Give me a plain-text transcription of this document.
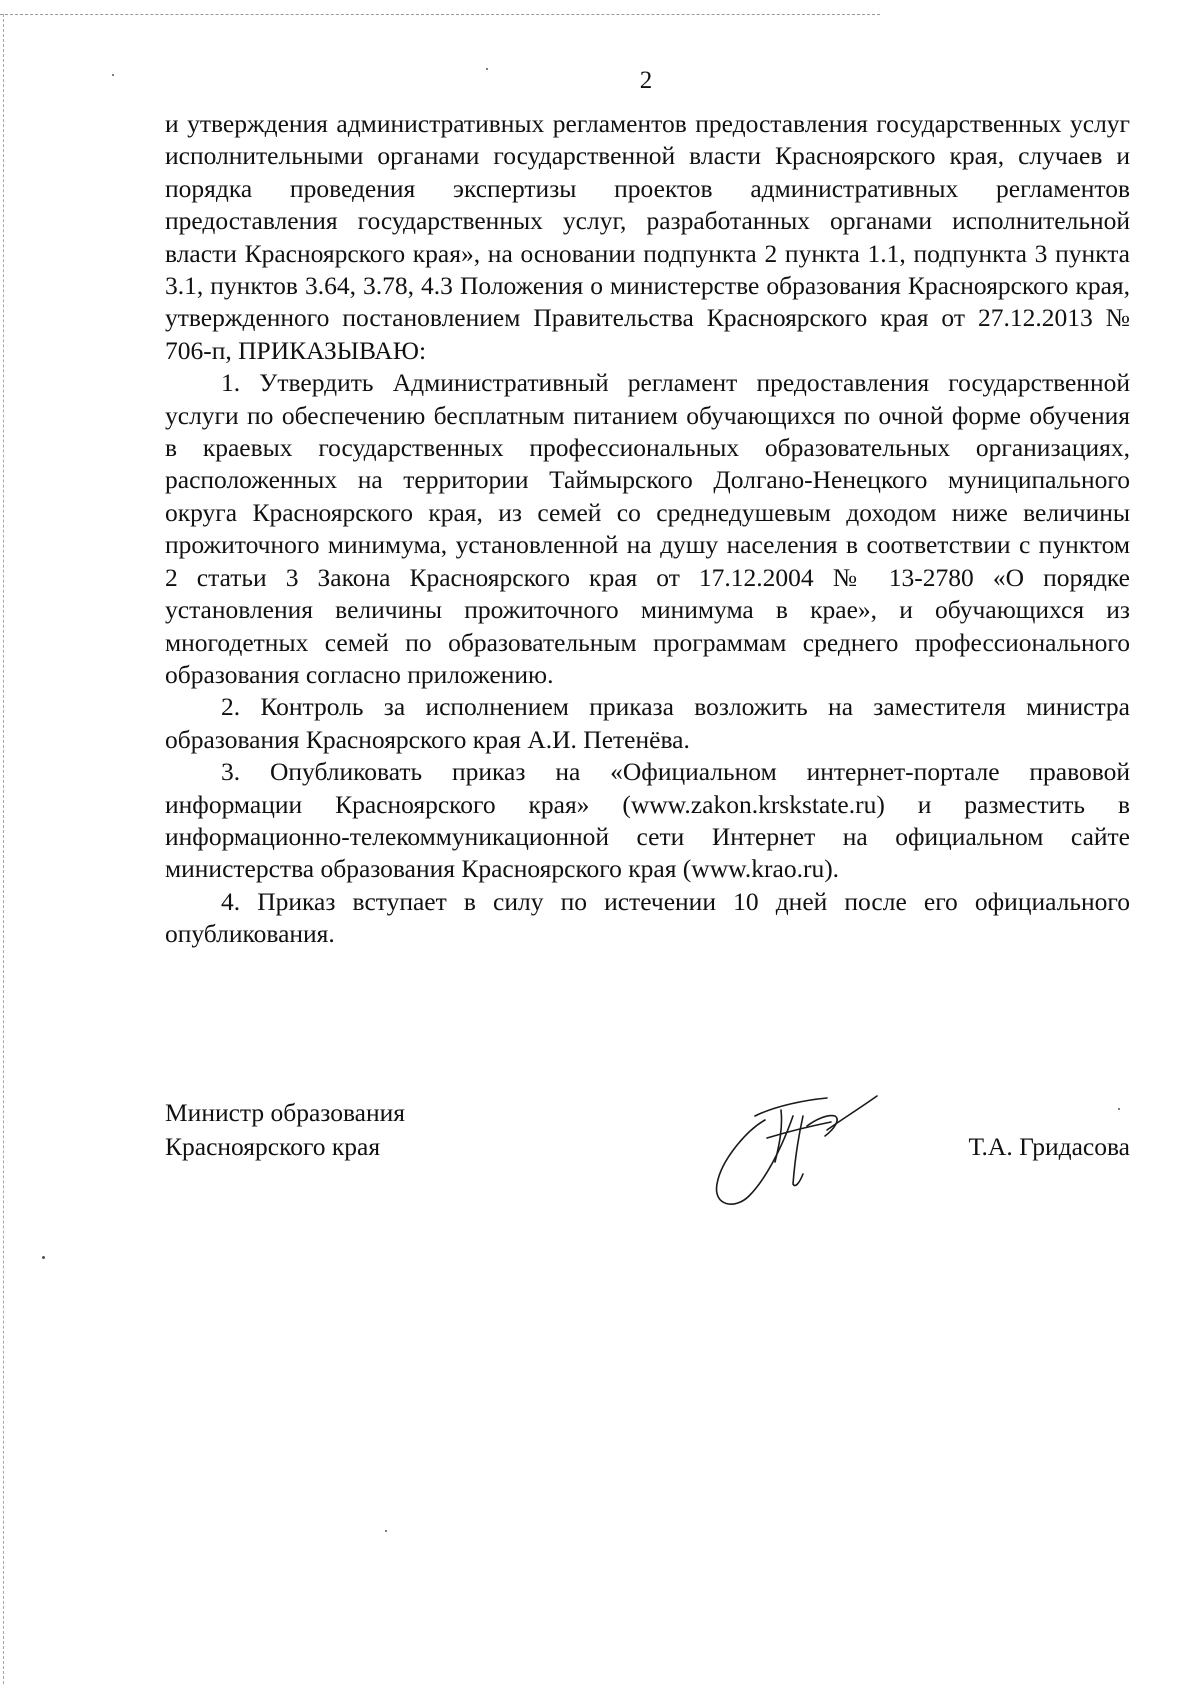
2

и утверждения административных регламентов предоставления государственных услуг исполнительными органами государственной власти Красноярского края, случаев и порядка проведения экспертизы проектов административных регламентов предоставления государственных услуг, разработанных органами исполнительной власти Красноярского края», на основании подпункта 2 пункта 1.1, подпункта 3 пункта 3.1, пунктов 3.64, 3.78, 4.3 Положения о министерстве образования Красноярского края, утвержденного постановлением Правительства Красноярского края от 27.12.2013 № 706-п, ПРИКАЗЫВАЮ:

1. Утвердить Административный регламент предоставления государственной услуги по обеспечению бесплатным питанием обучающихся по очной форме обучения в краевых государственных профессиональных образовательных организациях, расположенных на территории Таймырского Долгано-Ненецкого муниципального округа Красноярского края, из семей со среднедушевым доходом ниже величины прожиточного минимума, установленной на душу населения в соответствии с пунктом 2 статьи 3 Закона Красноярского края от 17.12.2004 № 13-2780 «О порядке установления величины прожиточного минимума в крае», и обучающихся из многодетных семей по образовательным программам среднего профессионального образования согласно приложению.

2. Контроль за исполнением приказа возложить на заместителя министра образования Красноярского края А.И. Петенёва.

3. Опубликовать приказ на «Официальном интернет-портале правовой информации Красноярского края» (www.zakon.krskstate.ru) и разместить в информационно-телекоммуникационной сети Интернет на официальном сайте министерства образования Красноярского края (www.krao.ru).

4. Приказ вступает в силу по истечении 10 дней после его официального опубликования.

Министр образования
Красноярского края	Т.А. Гридасова
